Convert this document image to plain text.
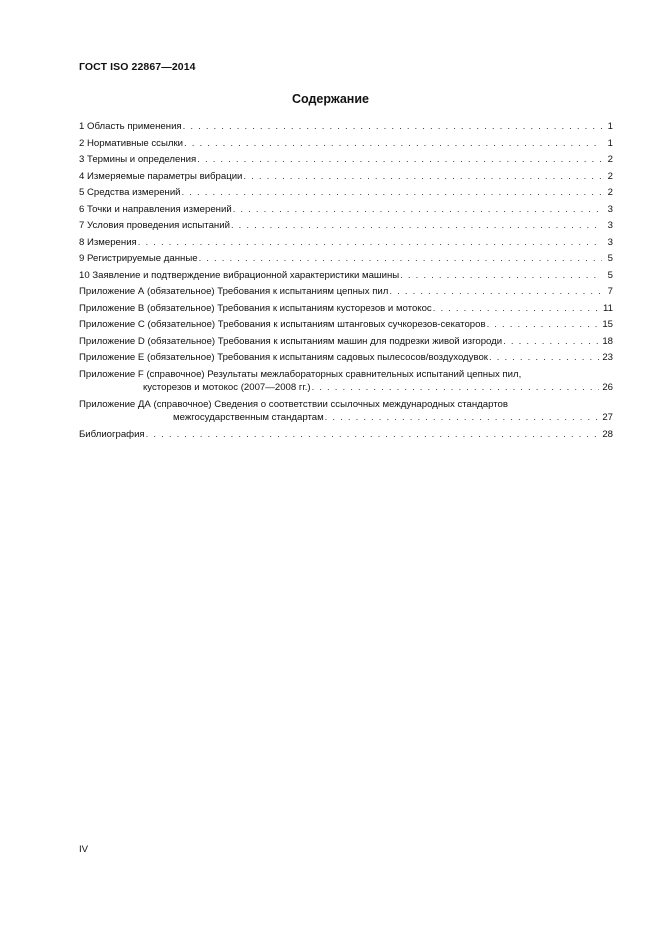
ГОСТ ISO 22867—2014
Содержание
1 Область применения . . .	1
2 Нормативные ссылки . . .	1
3 Термины и определения . . .	2
4 Измеряемые параметры вибрации . . .	2
5 Средства измерений . . .	2
6 Точки и направления измерений . . .	3
7 Условия проведения испытаний . . .	3
8 Измерения . . .	3
9 Регистрируемые данные . . .	5
10 Заявление и подтверждение вибрационной характеристики машины . . .	5
Приложение А (обязательное) Требования к испытаниям цепных пил . . .	7
Приложение В (обязательное) Требования к испытаниям кусторезов и мотокос . . .	11
Приложение С (обязательное) Требования к испытаниям штанговых сучкорезов-секаторов . . .	15
Приложение D (обязательное) Требования к испытаниям машин для подрезки живой изгороди . . .	18
Приложение Е (обязательное) Требования к испытаниям садовых пылесосов/воздуходувок . . .	23
Приложение F (справочное) Результаты межлабораторных сравнительных испытаний цепных пил,
кусторезов и мотокос (2007—2008 гг.) . . .	26
Приложение ДА (справочное) Сведения о соответствии ссылочных международных стандартов
межгосударственным стандартам . . .	27
Библиография . . .	28
IV
